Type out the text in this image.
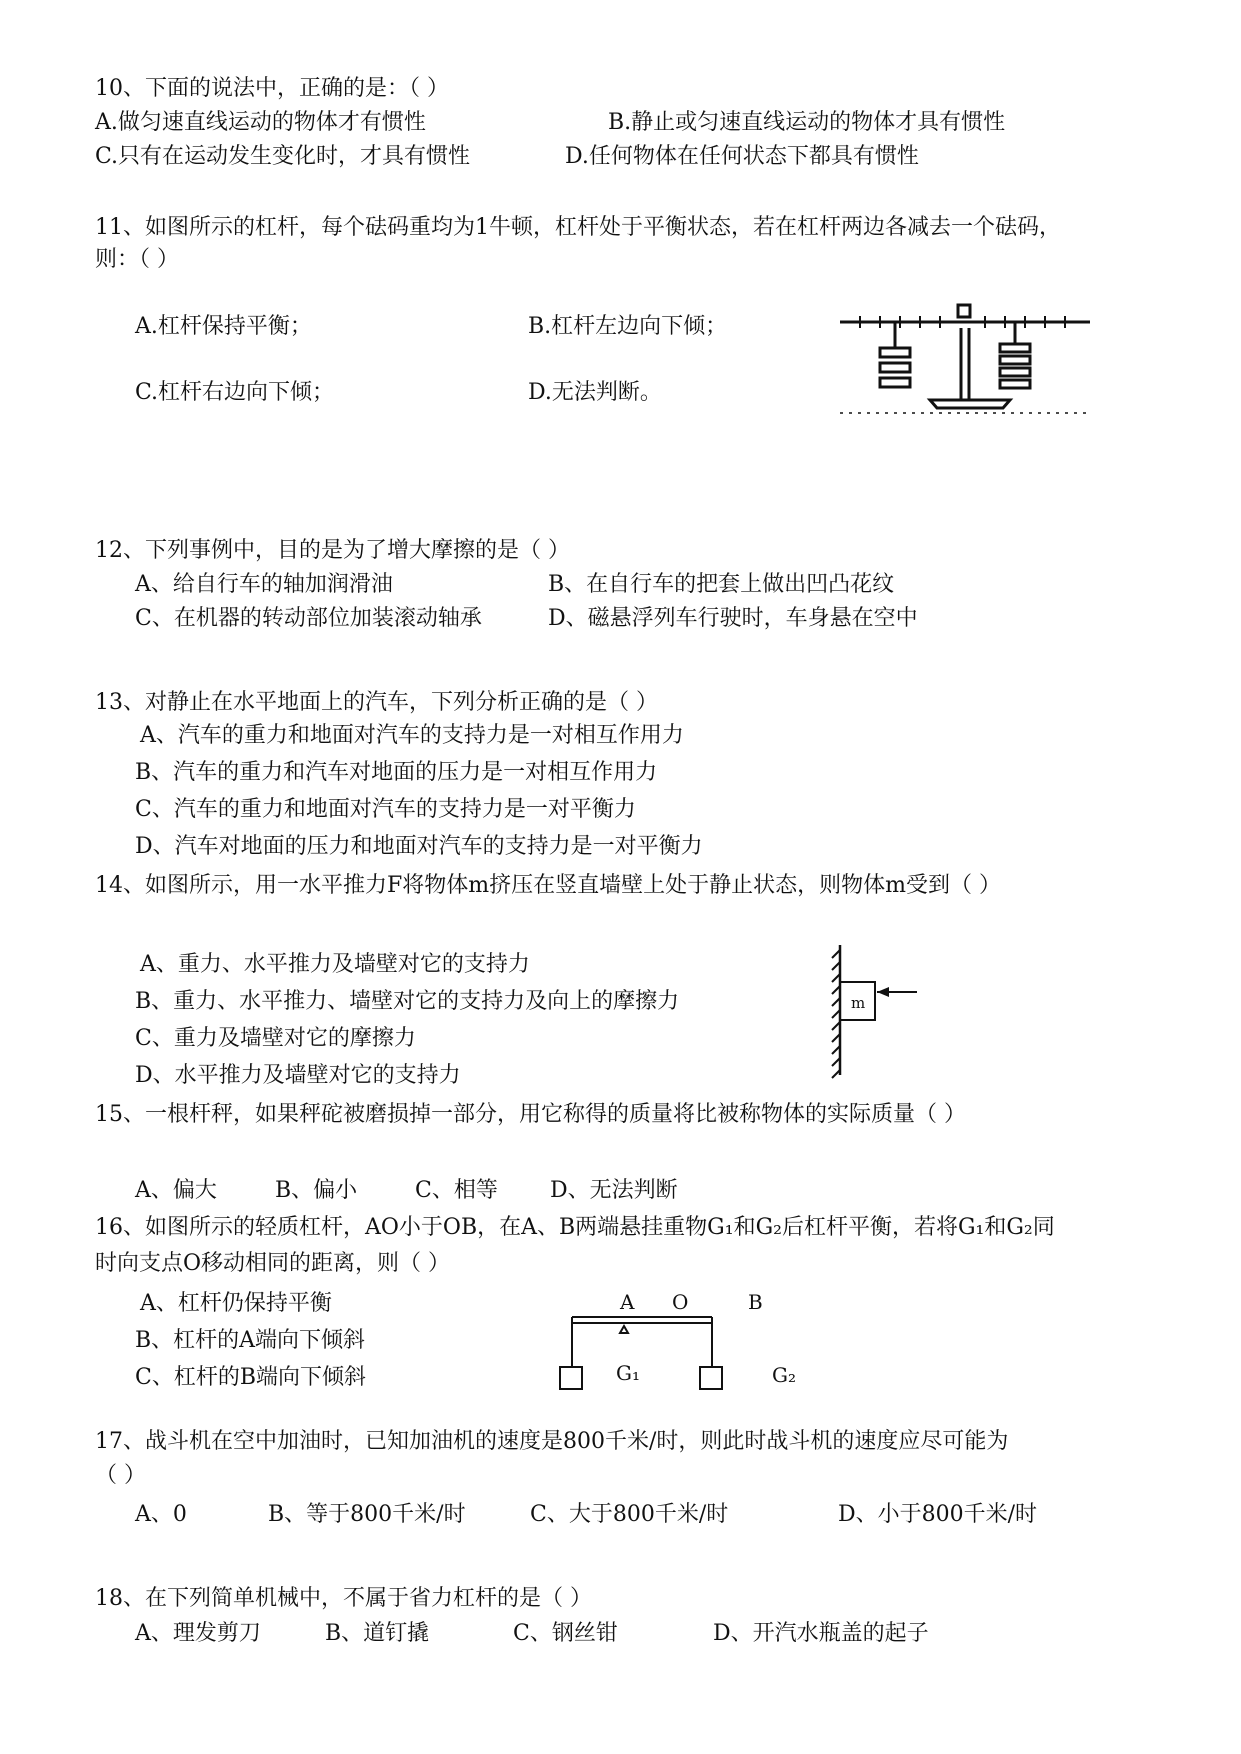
10、下面的说法中，正确的是：（ ）
A.做匀速直线运动的物体才有惯性	B.静止或匀速直线运动的物体才具有惯性
C.只有在运动发生变化时，才具有惯性	D.任何物体在任何状态下都具有惯性
11、如图所示的杠杆，每个砝码重均为1牛顿，杠杆处于平衡状态，若在杠杆两边各减去一个砝码，
则：（ ）
A.杠杆保持平衡；	B.杠杆左边向下倾；
C.杠杆右边向下倾；	D.无法判断。
12、下列事例中，目的是为了增大摩擦的是（ ）
A、给自行车的轴加润滑油	B、在自行车的把套上做出凹凸花纹
C、在机器的转动部位加装滚动轴承	D、磁悬浮列车行驶时，车身悬在空中
13、对静止在水平地面上的汽车，下列分析正确的是（ ）
A、汽车的重力和地面对汽车的支持力是一对相互作用力
B、汽车的重力和汽车对地面的压力是一对相互作用力
C、汽车的重力和地面对汽车的支持力是一对平衡力
D、汽车对地面的压力和地面对汽车的支持力是一对平衡力
14、如图所示，用一水平推力F将物体m挤压在竖直墙壁上处于静止状态，则物体m受到（ ）
A、重力、水平推力及墙壁对它的支持力
B、重力、水平推力、墙壁对它的支持力及向上的摩擦力
C、重力及墙壁对它的摩擦力
D、水平推力及墙壁对它的支持力
m
15、一根杆秤，如果秤砣被磨损掉一部分，用它称得的质量将比被称物体的实际质量（ ）
A、偏大	B、偏小	C、相等 D、无法判断
16、如图所示的轻质杠杆，AO小于OB，在A、B两端悬挂重物G₁和G₂后杠杆平衡，若将G₁和G₂同
时向支点O移动相同的距离，则（ ）
A、杠杆仍保持平衡
B、杠杆的A端向下倾斜
C、杠杆的B端向下倾斜
A O	B
G₁	G₂
17、战斗机在空中加油时，已知加油机的速度是800千米/时，则此时战斗机的速度应尽可能为
（ ）
A、0	B、等于800千米/时	C、大于800千米/时	D、小于800千米/时
18、在下列简单机械中，不属于省力杠杆的是（ ）
A、理发剪刀	B、道钉撬	C、钢丝钳	D、开汽水瓶盖的起子
